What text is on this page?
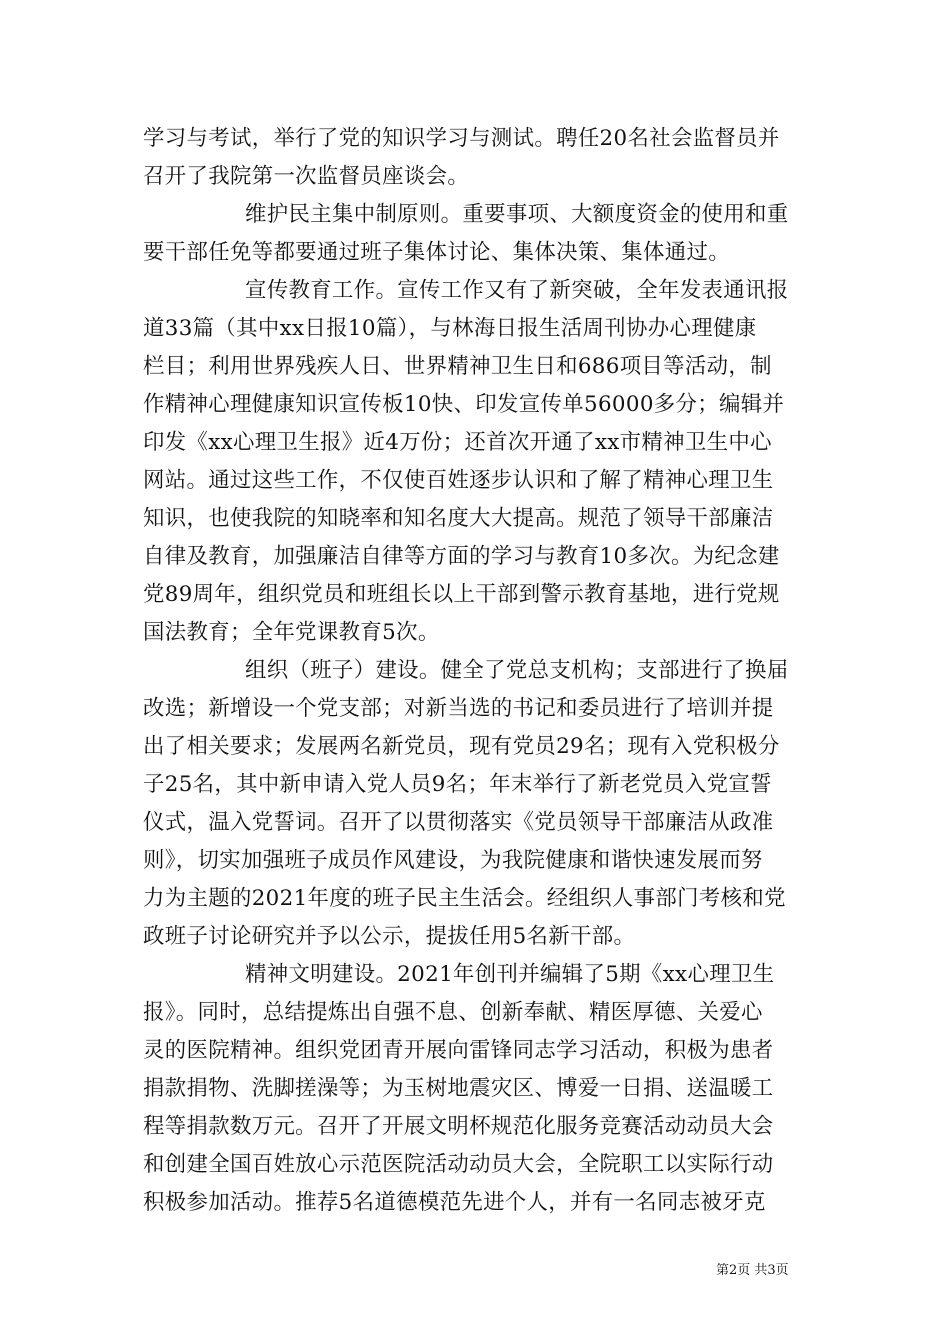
学习与考试，举行了党的知识学习与测试。聘任20名社会监督员并
召开了我院第一次监督员座谈会。
维护民主集中制原则。重要事项、大额度资金的使用和重
要干部任免等都要通过班子集体讨论、集体决策、集体通过。
宣传教育工作。宣传工作又有了新突破，全年发表通讯报
道33篇（其中xx日报10篇），与林海日报生活周刊协办心理健康
栏目；利用世界残疾人日、世界精神卫生日和686项目等活动，制
作精神心理健康知识宣传板10快、印发宣传单56000多分；编辑并
印发《xx心理卫生报》近4万份；还首次开通了xx市精神卫生中心
网站。通过这些工作，不仅使百姓逐步认识和了解了精神心理卫生
知识，也使我院的知晓率和知名度大大提高。规范了领导干部廉洁
自律及教育，加强廉洁自律等方面的学习与教育10多次。为纪念建
党89周年，组织党员和班组长以上干部到警示教育基地，进行党规
国法教育；全年党课教育5次。
组织（班子）建设。健全了党总支机构；支部进行了换届
改选；新增设一个党支部；对新当选的书记和委员进行了培训并提
出了相关要求；发展两名新党员，现有党员29名；现有入党积极分
子25名，其中新申请入党人员9名；年末举行了新老党员入党宣誓
仪式，温入党誓词。召开了以贯彻落实《党员领导干部廉洁从政准
则》，切实加强班子成员作风建设，为我院健康和谐快速发展而努
力为主题的2021年度的班子民主生活会。经组织人事部门考核和党
政班子讨论研究并予以公示，提拔任用5名新干部。
精神文明建设。2021年创刊并编辑了5期《xx心理卫生
报》。同时，总结提炼出自强不息、创新奉献、精医厚德、关爱心
灵的医院精神。组织党团青开展向雷锋同志学习活动，积极为患者
捐款捐物、洗脚搓澡等；为玉树地震灾区、博爱一日捐、送温暖工
程等捐款数万元。召开了开展文明杯规范化服务竞赛活动动员大会
和创建全国百姓放心示范医院活动动员大会，全院职工以实际行动
积极参加活动。推荐5名道德模范先进个人，并有一名同志被牙克
第2页 共3页
